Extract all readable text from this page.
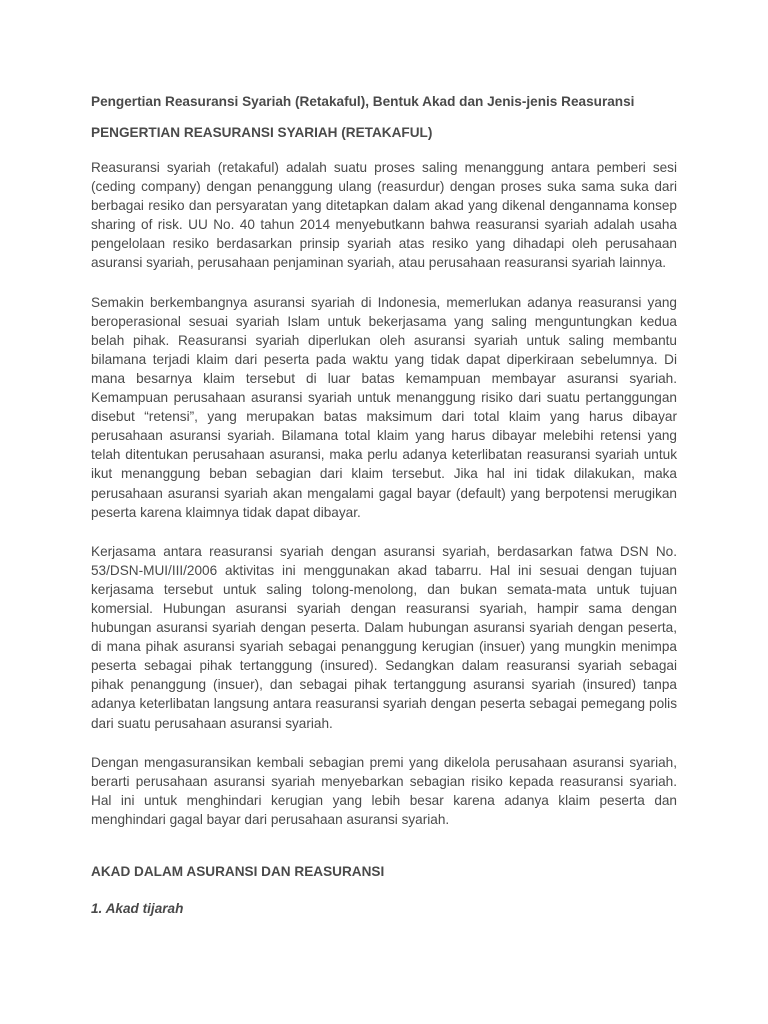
Pengertian Reasuransi Syariah (Retakaful), Bentuk Akad dan Jenis-jenis Reasuransi

PENGERTIAN REASURANSI SYARIAH (RETAKAFUL)

Reasuransi syariah (retakaful) adalah suatu proses saling menanggung antara pemberi sesi (ceding company) dengan penanggung ulang (reasurdur) dengan proses suka sama suka dari berbagai resiko dan persyaratan yang ditetapkan dalam akad yang dikenal dengannama konsep sharing of risk. UU No. 40 tahun 2014 menyebutkann bahwa reasuransi syariah adalah usaha pengelolaan resiko berdasarkan prinsip syariah atas resiko yang dihadapi oleh perusahaan asuransi syariah, perusahaan penjaminan syariah, atau perusahaan reasuransi syariah lainnya.

Semakin berkembangnya asuransi syariah di Indonesia, memerlukan adanya reasuransi yang beroperasional sesuai syariah Islam untuk bekerjasama yang saling menguntungkan kedua belah pihak. Reasuransi syariah diperlukan oleh asuransi syariah untuk saling membantu bilamana terjadi klaim dari peserta pada waktu yang tidak dapat diperkiraan sebelumnya. Di mana besarnya klaim tersebut di luar batas kemampuan membayar asuransi syariah. Kemampuan perusahaan asuransi syariah untuk menanggung risiko dari suatu pertanggungan disebut “retensi”, yang merupakan batas maksimum dari total klaim yang harus dibayar perusahaan asuransi syariah. Bilamana total klaim yang harus dibayar melebihi retensi yang telah ditentukan perusahaan asuransi, maka perlu adanya keterlibatan reasuransi syariah untuk ikut menanggung beban sebagian dari klaim tersebut. Jika hal ini tidak dilakukan, maka perusahaan asuransi syariah akan mengalami gagal bayar (default) yang berpotensi merugikan peserta karena klaimnya tidak dapat dibayar.

Kerjasama antara reasuransi syariah dengan asuransi syariah, berdasarkan fatwa DSN No. 53/DSN-MUI/III/2006 aktivitas ini menggunakan akad tabarru. Hal ini sesuai dengan tujuan kerjasama tersebut untuk saling tolong-menolong, dan bukan semata-mata untuk tujuan komersial. Hubungan asuransi syariah dengan reasuransi syariah, hampir sama dengan hubungan asuransi syariah dengan peserta. Dalam hubungan asuransi syariah dengan peserta, di mana pihak asuransi syariah sebagai penanggung kerugian (insuer) yang mungkin menimpa peserta sebagai pihak tertanggung (insured). Sedangkan dalam reasuransi syariah sebagai pihak penanggung (insuer), dan sebagai pihak tertanggung asuransi syariah (insured) tanpa adanya keterlibatan langsung antara reasuransi syariah dengan peserta sebagai pemegang polis dari suatu perusahaan asuransi syariah.

Dengan mengasuransikan kembali sebagian premi yang dikelola perusahaan asuransi syariah, berarti perusahaan asuransi syariah menyebarkan sebagian risiko kepada reasuransi syariah. Hal ini untuk menghindari kerugian yang lebih besar karena adanya klaim peserta dan menghindari gagal bayar dari perusahaan asuransi syariah.

AKAD DALAM ASURANSI DAN REASURANSI

1. Akad tijarah
